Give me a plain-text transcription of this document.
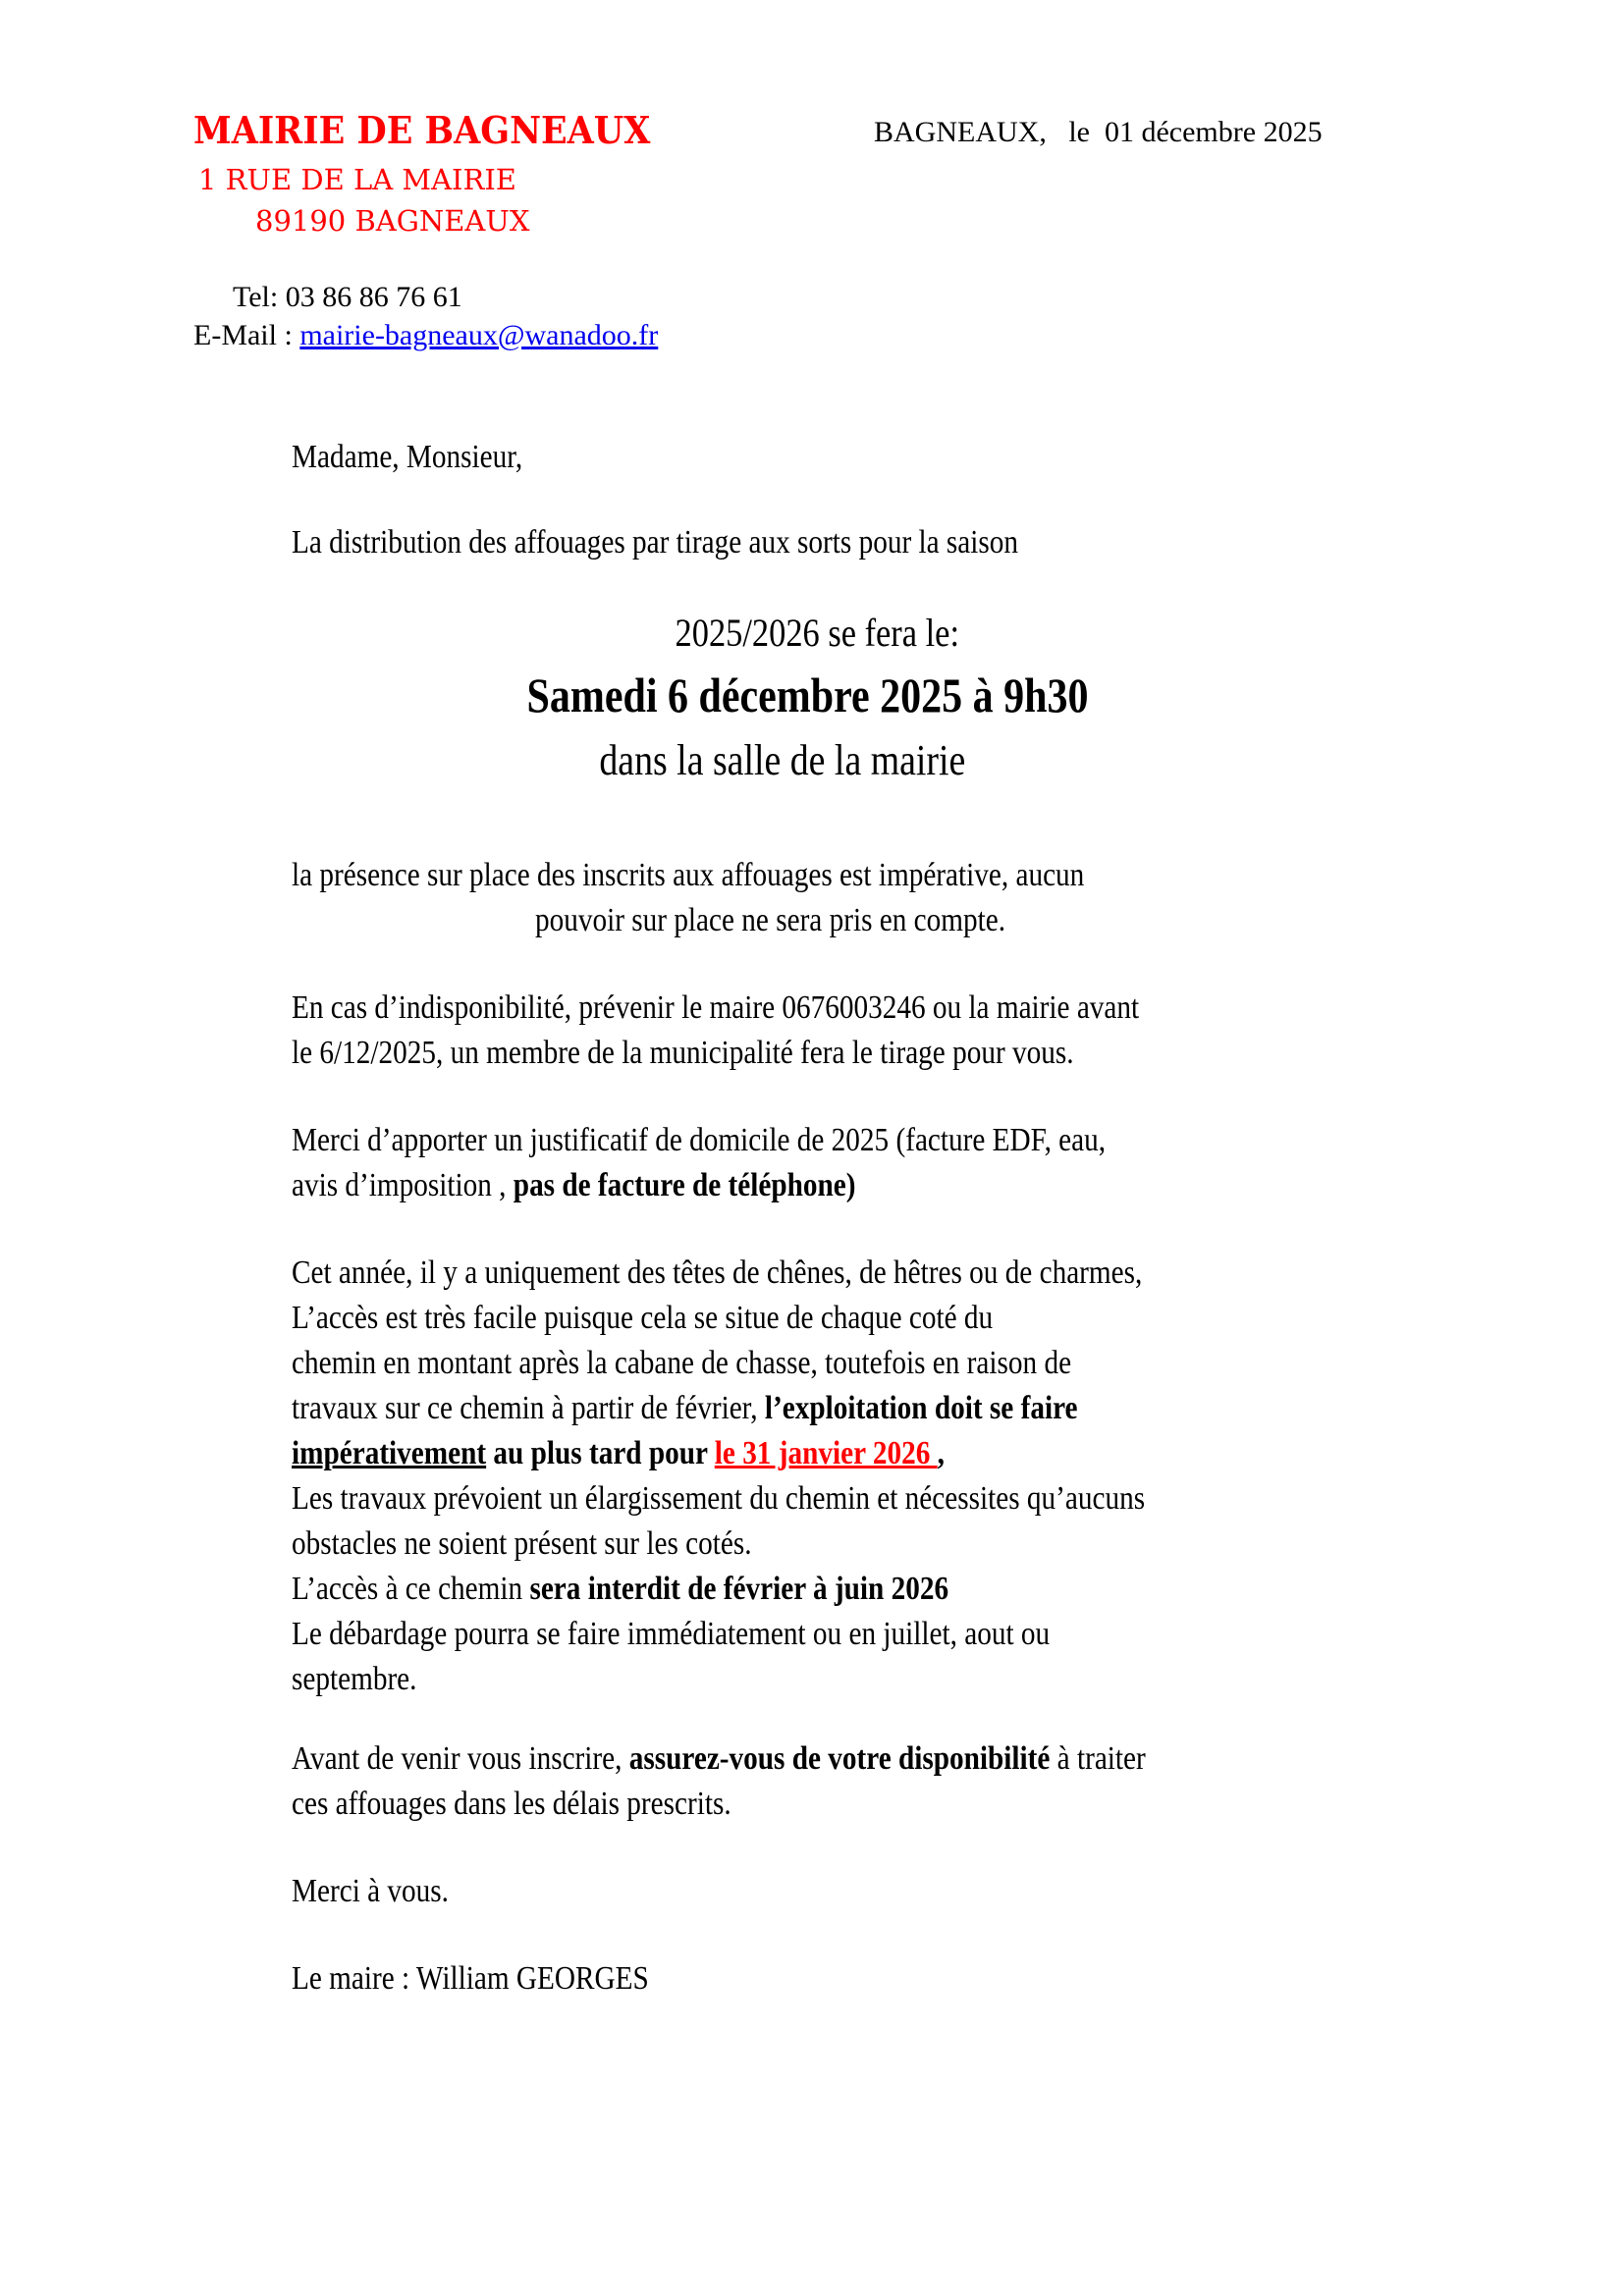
MAIRIE DE BAGNEAUX
1 RUE DE LA MAIRIE
89190 BAGNEAUX
BAGNEAUX,   le  01 décembre 2025
Tel: 03 86 86 76 61
E-Mail : mairie-bagneaux@wanadoo.fr
Madame, Monsieur,
La distribution des affouages par tirage aux sorts pour la saison
2025/2026 se fera le:
Samedi 6 décembre 2025 à 9h30
dans la salle de la mairie
la présence sur place des inscrits aux affouages est impérative, aucun
pouvoir sur place ne sera pris en compte.
En cas d’indisponibilité, prévenir le maire 0676003246 ou la mairie avant
le 6/12/2025, un membre de la municipalité fera le tirage pour vous.
Merci d’apporter un justificatif de domicile de 2025 (facture EDF, eau,
avis d’imposition , pas de facture de téléphone)
Cet année, il y a uniquement des têtes de chênes, de hêtres ou de charmes,
L’accès est très facile puisque cela se situe de chaque coté du
chemin en montant après la cabane de chasse, toutefois en raison de
travaux sur ce chemin à partir de février, l’exploitation doit se faire
impérativement au plus tard pour le 31 janvier 2026 ,
Les travaux prévoient un élargissement du chemin et nécessites qu’aucuns
obstacles ne soient présent sur les cotés.
L’accès à ce chemin sera interdit de février à juin 2026
Le débardage pourra se faire immédiatement ou en juillet, aout ou
septembre.
Avant de venir vous inscrire, assurez-vous de votre disponibilité à traiter
ces affouages dans les délais prescrits.
Merci à vous.
Le maire : William GEORGES
